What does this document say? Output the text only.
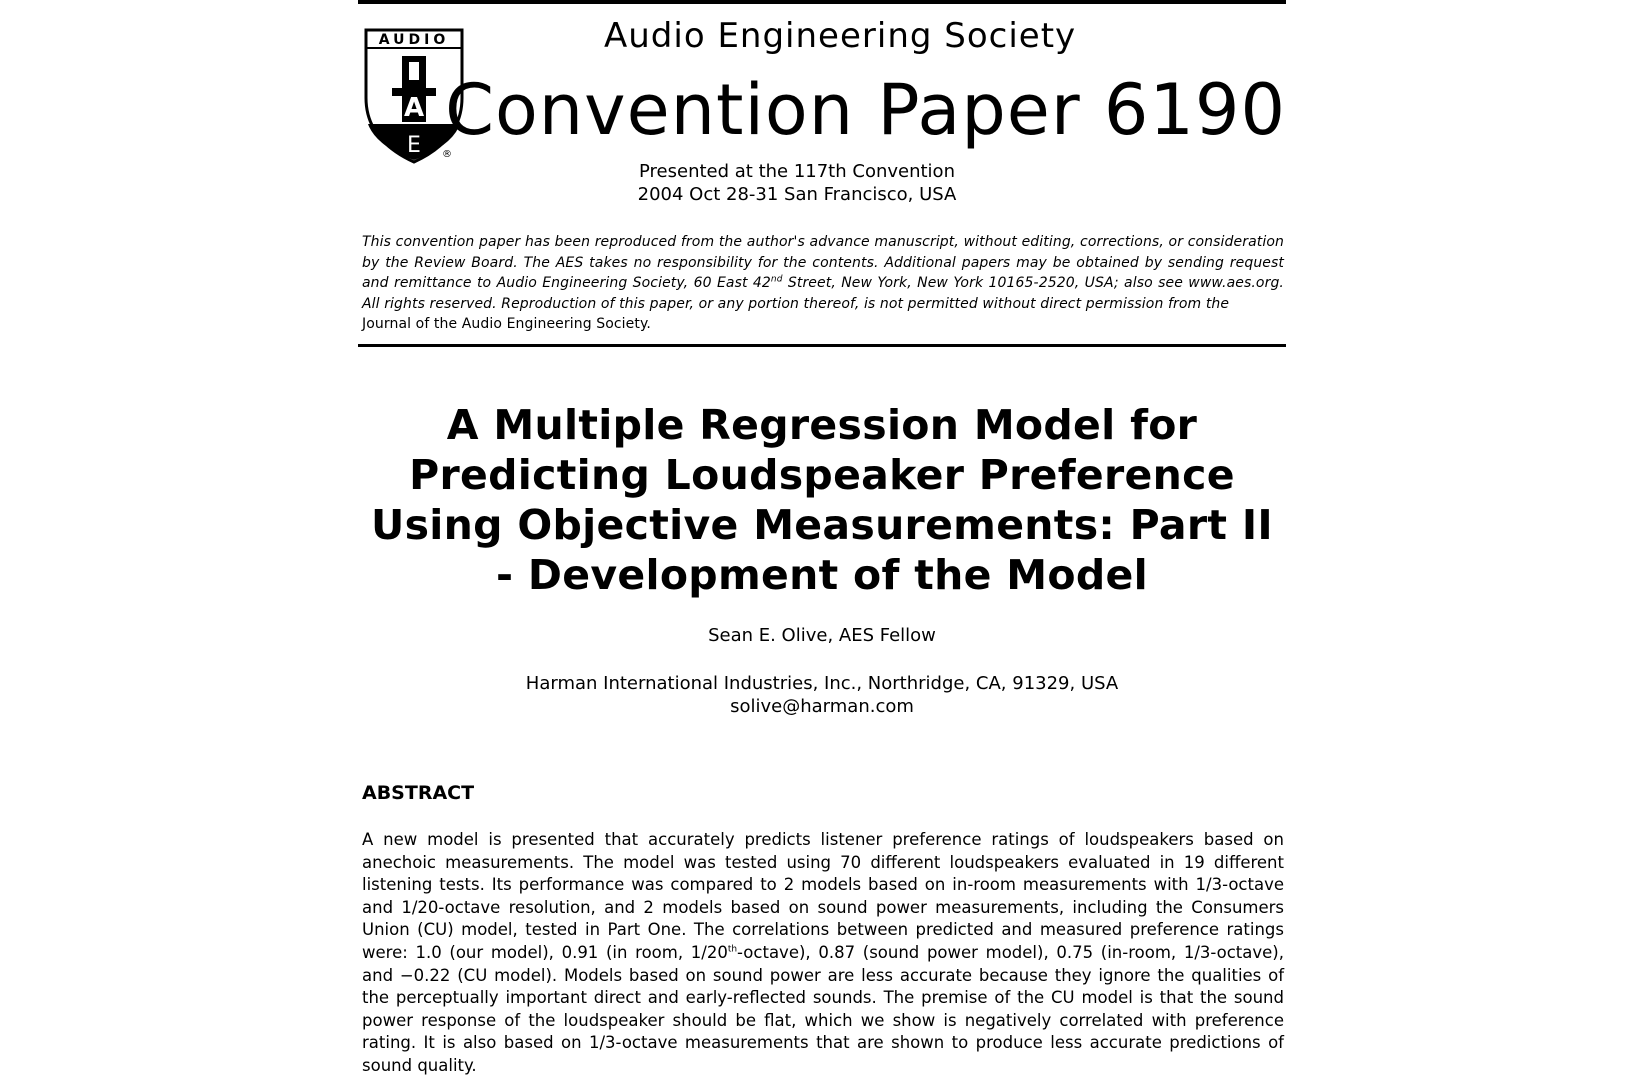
AUDIO
A
E ®
Audio Engineering Society
Convention Paper 6190
Presented at the 117th Convention
2004 Oct 28-31 San Francisco, USA
This convention paper has been reproduced from the author's advance manuscript, without editing, corrections, or consideration by the Review Board. The AES takes no responsibility for the contents. Additional papers may be obtained by sending request and remittance to Audio Engineering Society, 60 East 42nd Street, New York, New York 10165-2520, USA; also see www.aes.org. All rights reserved. Reproduction of this paper, or any portion thereof, is not permitted without direct permission from the
Journal of the Audio Engineering Society.
A Multiple Regression Model for Predicting Loudspeaker Preference Using Objective Measurements: Part II - Development of the Model
Sean E. Olive, AES Fellow
Harman International Industries, Inc., Northridge, CA, 91329, USA
solive@harman.com
ABSTRACT
A new model is presented that accurately predicts listener preference ratings of loudspeakers based on anechoic measurements. The model was tested using 70 different loudspeakers evaluated in 19 different listening tests. Its performance was compared to 2 models based on in-room measurements with 1/3-octave and 1/20-octave resolution, and 2 models based on sound power measurements, including the Consumers Union (CU) model, tested in Part One. The correlations between predicted and measured preference ratings were: 1.0 (our model), 0.91 (in room, 1/20th-octave), 0.87 (sound power model), 0.75 (in-room, 1/3-octave), and −0.22 (CU model). Models based on sound power are less accurate because they ignore the qualities of the perceptually important direct and early-reflected sounds. The premise of the CU model is that the sound power response of the loudspeaker should be flat, which we show is negatively correlated with preference rating. It is also based on 1/3-octave measurements that are shown to produce less accurate predictions of sound quality.
